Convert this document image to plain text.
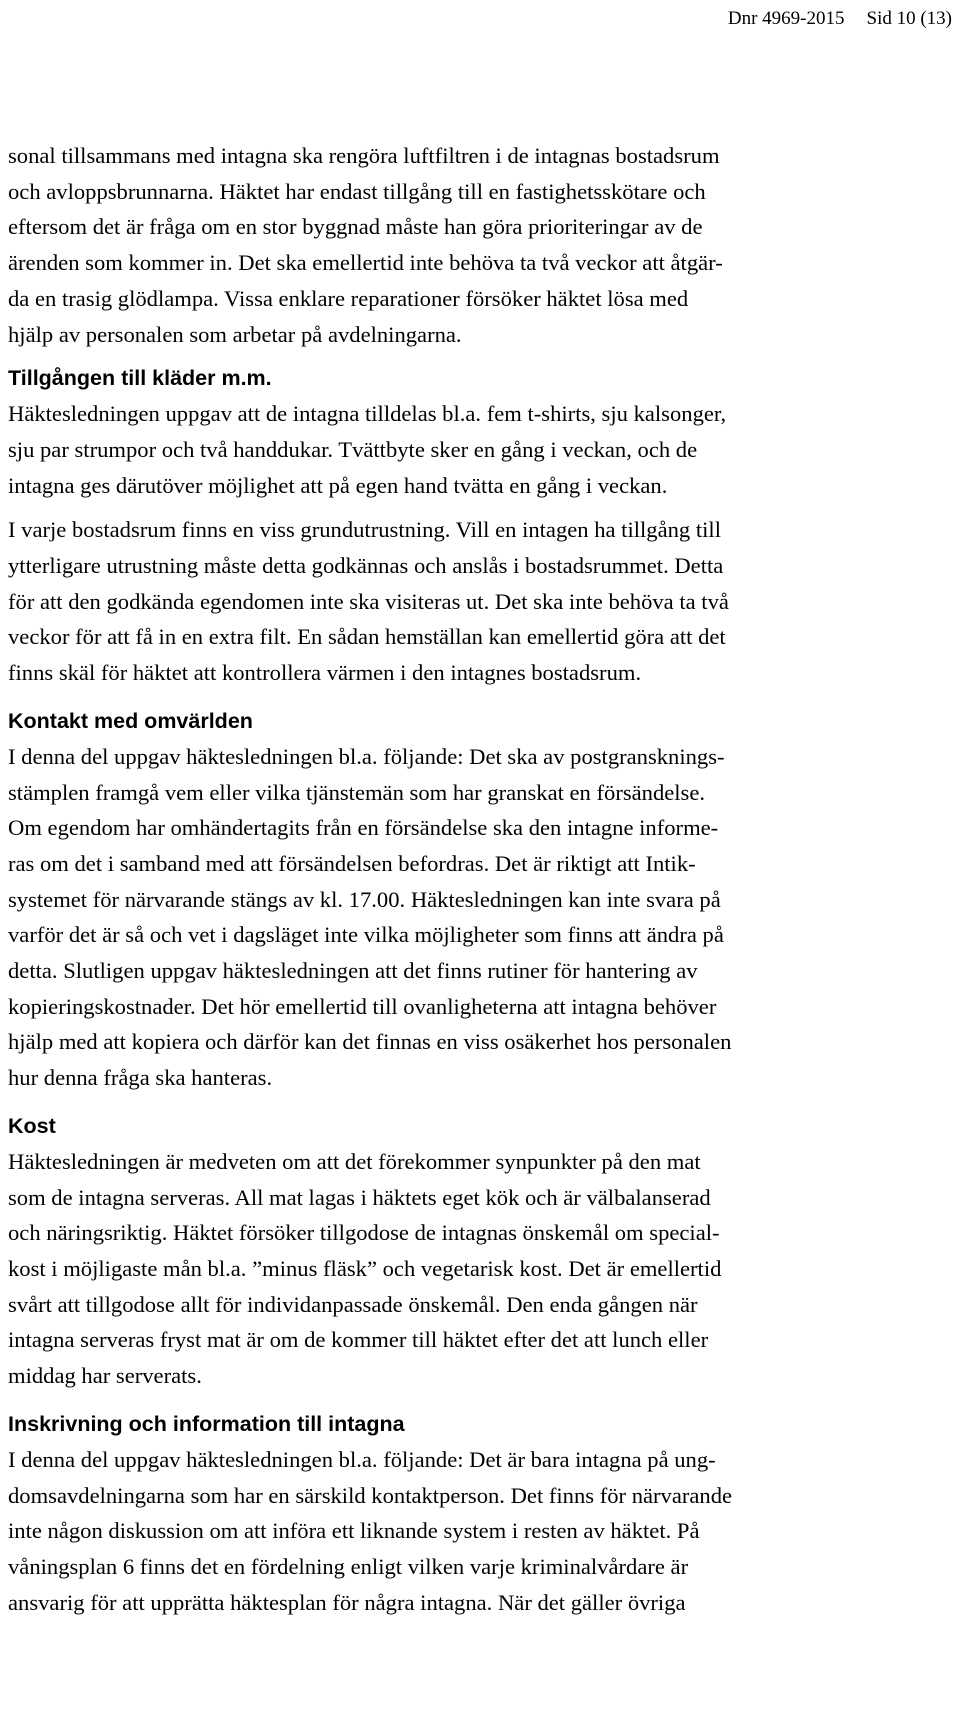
Dnr 4969-2015 Sid 10 (13)

sonal tillsammans med intagna ska rengöra luftfiltren i de intagnas bostadsrum
och avloppsbrunnarna. Häktet har endast tillgång till en fastighetsskötare och
eftersom det är fråga om en stor byggnad måste han göra prioriteringar av de
ärenden som kommer in. Det ska emellertid inte behöva ta två veckor att åtgär-
da en trasig glödlampa. Vissa enklare reparationer försöker häktet lösa med
hjälp av personalen som arbetar på avdelningarna.

Tillgången till kläder m.m.

Häktesledningen uppgav att de intagna tilldelas bl.a. fem t-shirts, sju kalsonger,
sju par strumpor och två handdukar. Tvättbyte sker en gång i veckan, och de
intagna ges därutöver möjlighet att på egen hand tvätta en gång i veckan.

I varje bostadsrum finns en viss grundutrustning. Vill en intagen ha tillgång till
ytterligare utrustning måste detta godkännas och anslås i bostadsrummet. Detta
för att den godkända egendomen inte ska visiteras ut. Det ska inte behöva ta två
veckor för att få in en extra filt. En sådan hemställan kan emellertid göra att det
finns skäl för häktet att kontrollera värmen i den intagnes bostadsrum.

Kontakt med omvärlden

I denna del uppgav häktesledningen bl.a. följande: Det ska av postgransknings-
stämplen framgå vem eller vilka tjänstemän som har granskat en försändelse.
Om egendom har omhändertagits från en försändelse ska den intagne informe-
ras om det i samband med att försändelsen befordras. Det är riktigt att Intik-
systemet för närvarande stängs av kl. 17.00. Häktesledningen kan inte svara på
varför det är så och vet i dagsläget inte vilka möjligheter som finns att ändra på
detta. Slutligen uppgav häktesledningen att det finns rutiner för hantering av
kopieringskostnader. Det hör emellertid till ovanligheterna att intagna behöver
hjälp med att kopiera och därför kan det finnas en viss osäkerhet hos personalen
hur denna fråga ska hanteras.

Kost

Häktesledningen är medveten om att det förekommer synpunkter på den mat
som de intagna serveras. All mat lagas i häktets eget kök och är välbalanserad
och näringsriktig. Häktet försöker tillgodose de intagnas önskemål om special-
kost i möjligaste mån bl.a. ”minus fläsk” och vegetarisk kost. Det är emellertid
svårt att tillgodose allt för individanpassade önskemål. Den enda gången när
intagna serveras fryst mat är om de kommer till häktet efter det att lunch eller
middag har serverats.

Inskrivning och information till intagna

I denna del uppgav häktesledningen bl.a. följande: Det är bara intagna på ung-
domsavdelningarna som har en särskild kontaktperson. Det finns för närvarande
inte någon diskussion om att införa ett liknande system i resten av häktet. På
våningsplan 6 finns det en fördelning enligt vilken varje kriminalvårdare är
ansvarig för att upprätta häktesplan för några intagna. När det gäller övriga
